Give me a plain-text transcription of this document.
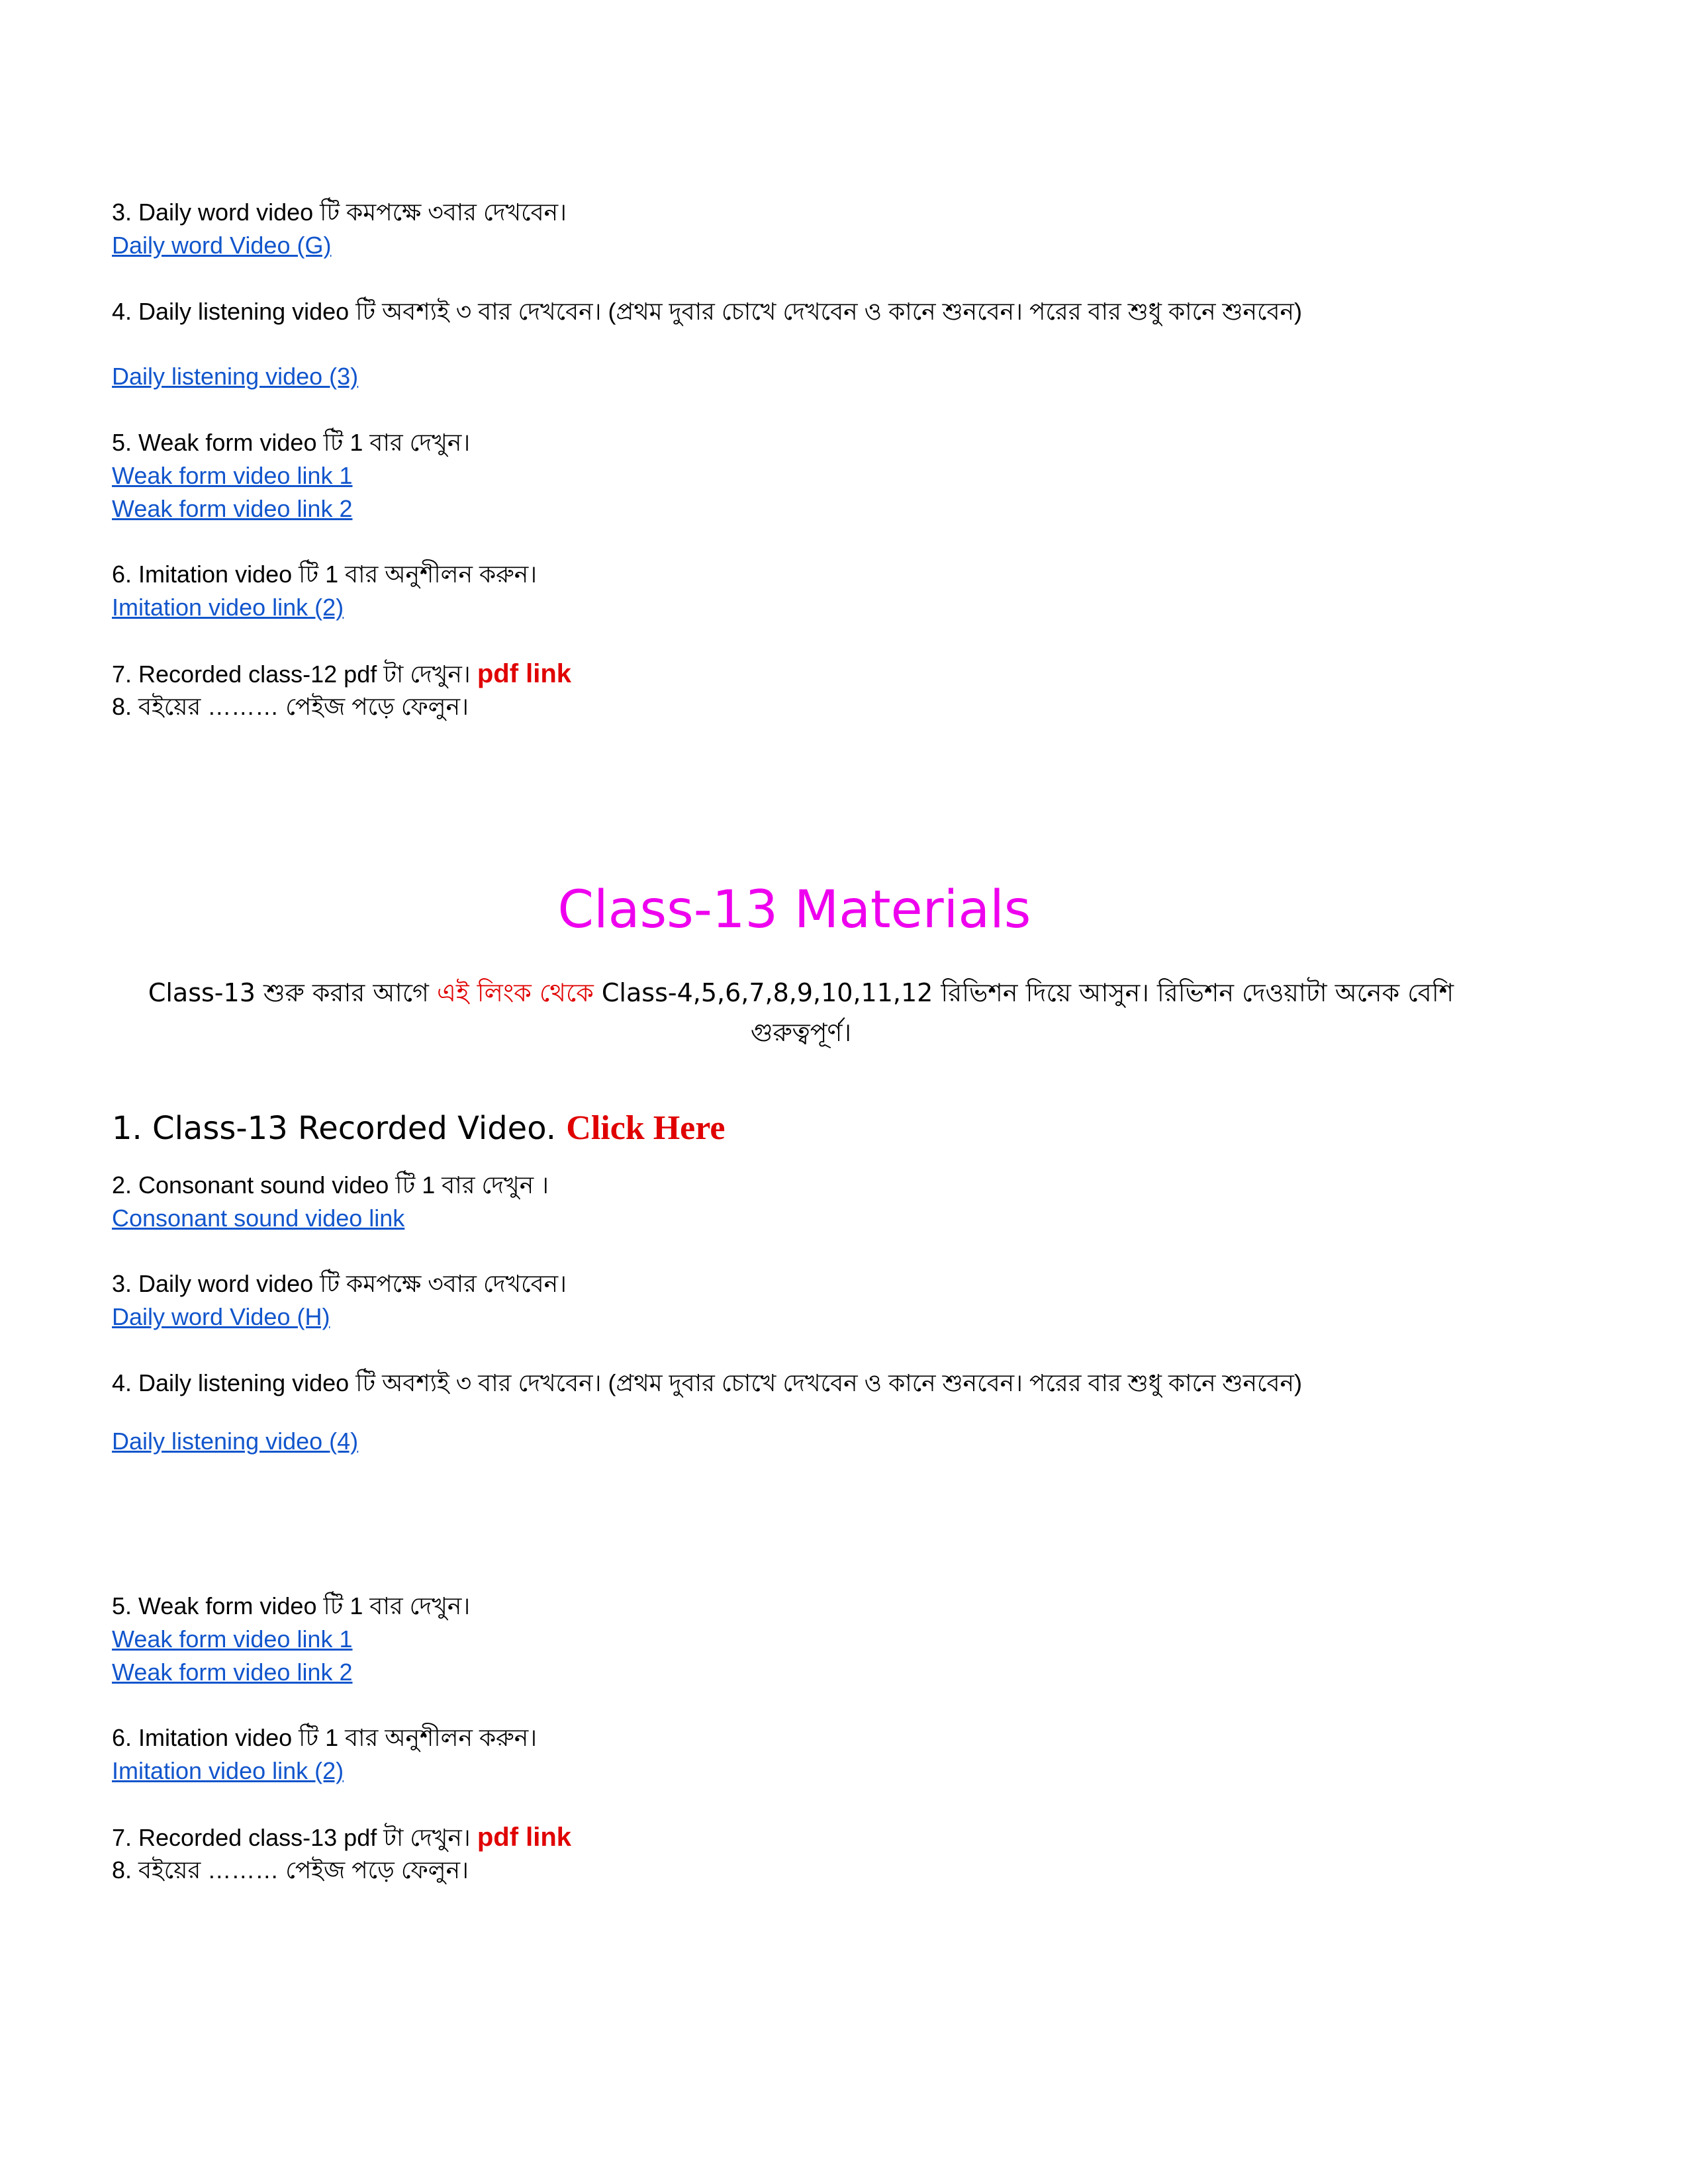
3. Daily word video টি কমপক্ষে ৩বার দেখবেন।
Daily word Video (G)
4. Daily listening video টি অবশ্যই ৩ বার দেখবেন। (প্রথম দুবার চোখে দেখবেন ও কানে শুনবেন। পরের বার শুধু কানে শুনবেন)
Daily listening video (3)
5. Weak form video টি 1 বার দেখুন।
Weak form video link 1
Weak form video link 2
6. Imitation video টি 1 বার অনুশীলন করুন।
Imitation video link (2)
7. Recorded class-12 pdf টা দেখুন। pdf link
8. বইয়ের ……… পেইজ পড়ে ফেলুন।
Class-13 Materials
Class-13 শুরু করার আগে এই লিংক থেকে Class-4,5,6,7,8,9,10,11,12 রিভিশন দিয়ে আসুন। রিভিশন দেওয়াটা অনেক বেশি গুরুত্বপূর্ণ।
1. Class-13 Recorded Video. Click Here
2. Consonant sound video টি 1 বার দেখুন ।
Consonant sound video link
3. Daily word video টি কমপক্ষে ৩বার দেখবেন।
Daily word Video (H)
4. Daily listening video টি অবশ্যই ৩ বার দেখবেন। (প্রথম দুবার চোখে দেখবেন ও কানে শুনবেন। পরের বার শুধু কানে শুনবেন)
Daily listening video (4)
5. Weak form video টি 1 বার দেখুন।
Weak form video link 1
Weak form video link 2
6. Imitation video টি 1 বার অনুশীলন করুন।
Imitation video link (2)
7. Recorded class-13 pdf টা দেখুন। pdf link
8. বইয়ের ……… পেইজ পড়ে ফেলুন।
